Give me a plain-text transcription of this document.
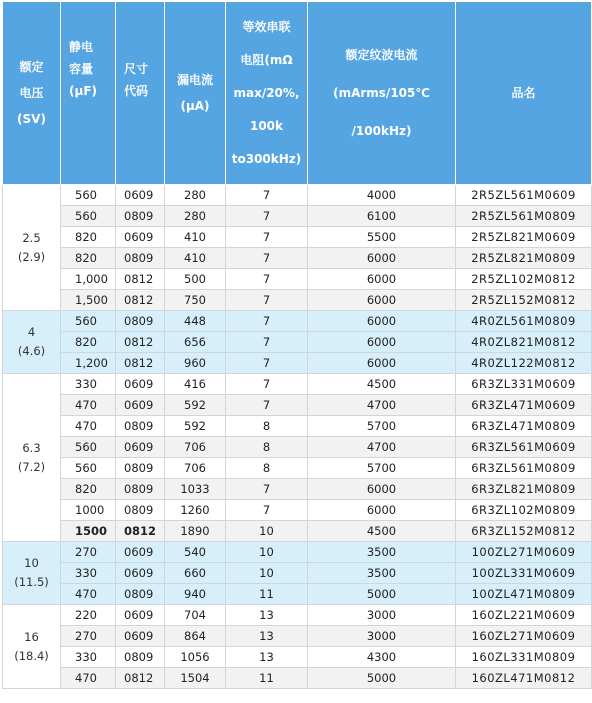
额定
电压
(SV)	静电
容量
(μF)	尺寸
代码	漏电流
(μA)	等效串联
电阻(mΩ
max/20%,
100k
to300kHz)	额定纹波电流
(mArms/105℃
/100kHz)	品名

2.5
(2.9)	560	0609	280	7	4000	2R5ZL561M0609
	560	0809	280	7	6100	2R5ZL561M0809
	820	0609	410	7	5500	2R5ZL821M0609
	820	0809	410	7	6000	2R5ZL821M0809
	1,000	0812	500	7	6000	2R5ZL102M0812
	1,500	0812	750	7	6000	2R5ZL152M0812

4
(4.6)	560	0809	448	7	6000	4R0ZL561M0809
	820	0812	656	7	6000	4R0ZL821M0812
	1,200	0812	960	7	6000	4R0ZL122M0812

6.3
(7.2)	330	0609	416	7	4500	6R3ZL331M0609
	470	0609	592	7	4700	6R3ZL471M0609
	470	0809	592	8	5700	6R3ZL471M0809
	560	0609	706	8	4700	6R3ZL561M0609
	560	0809	706	8	5700	6R3ZL561M0809
	820	0809	1033	7	6000	6R3ZL821M0809
	1000	0809	1260	7	6000	6R3ZL102M0809
	1500	0812	1890	10	4500	6R3ZL152M0812

10
(11.5)	270	0609	540	10	3500	100ZL271M0609
	330	0609	660	10	3500	100ZL331M0609
	470	0809	940	11	5000	100ZL471M0809

16
(18.4)	220	0609	704	13	3000	160ZL221M0609
	270	0609	864	13	3000	160ZL271M0609
	330	0809	1056	13	4300	160ZL331M0809
	470	0812	1504	11	5000	160ZL471M0812
